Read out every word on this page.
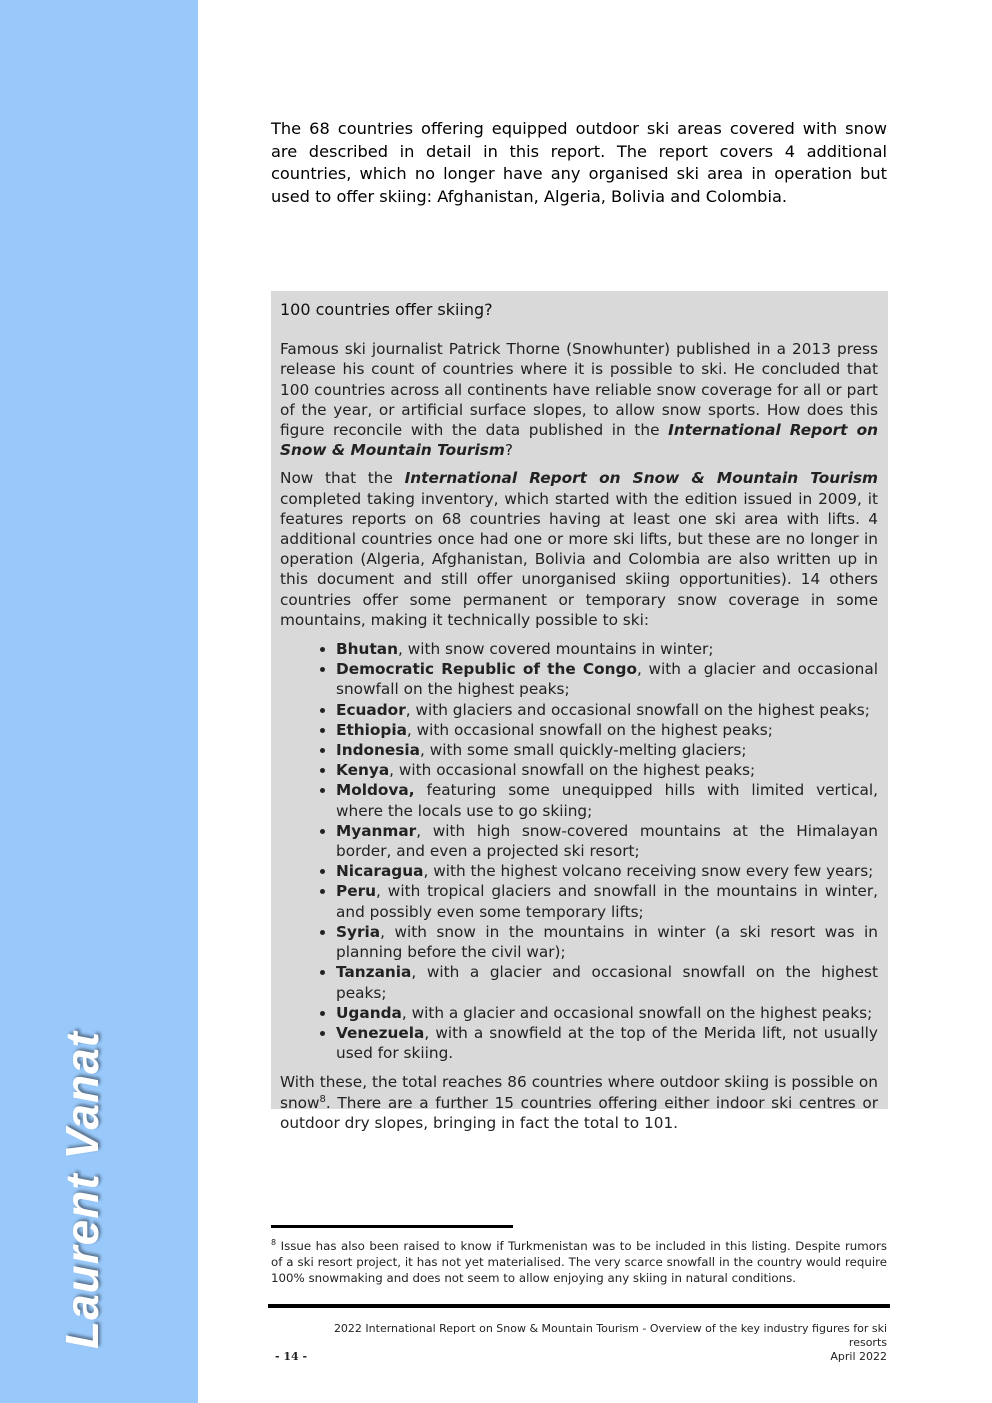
Laurent Vanat
The 68 countries offering equipped outdoor ski areas covered with snow are described in detail in this report. The report covers 4 additional countries, which no longer have any organised ski area in operation but used to offer skiing: Afghanistan, Algeria, Bolivia and Colombia.
100 countries offer skiing?

Famous ski journalist Patrick Thorne (Snowhunter) published in a 2013 press release his count of countries where it is possible to ski. He concluded that 100 countries across all continents have reliable snow coverage for all or part of the year, or artificial surface slopes, to allow snow sports. How does this figure reconcile with the data published in the International Report on Snow & Mountain Tourism?

Now that the International Report on Snow & Mountain Tourism completed taking inventory, which started with the edition issued in 2009, it features reports on 68 countries having at least one ski area with lifts. 4 additional countries once had one or more ski lifts, but these are no longer in operation (Algeria, Afghanistan, Bolivia and Colombia are also written up in this document and still offer unorganised skiing opportunities). 14 others countries offer some permanent or temporary snow coverage in some mountains, making it technically possible to ski:

• Bhutan, with snow covered mountains in winter;
• Democratic Republic of the Congo, with a glacier and occasional snowfall on the highest peaks;
• Ecuador, with glaciers and occasional snowfall on the highest peaks;
• Ethiopia, with occasional snowfall on the highest peaks;
• Indonesia, with some small quickly-melting glaciers;
• Kenya, with occasional snowfall on the highest peaks;
• Moldova, featuring some unequipped hills with limited vertical, where the locals use to go skiing;
• Myanmar, with high snow-covered mountains at the Himalayan border, and even a projected ski resort;
• Nicaragua, with the highest volcano receiving snow every few years;
• Peru, with tropical glaciers and snowfall in the mountains in winter, and possibly even some temporary lifts;
• Syria, with snow in the mountains in winter (a ski resort was in planning before the civil war);
• Tanzania, with a glacier and occasional snowfall on the highest peaks;
• Uganda, with a glacier and occasional snowfall on the highest peaks;
• Venezuela, with a snowfield at the top of the Merida lift, not usually used for skiing.

With these, the total reaches 86 countries where outdoor skiing is possible on snow$^8$. There are a further 15 countries offering either indoor ski centres or outdoor dry slopes, bringing in fact the total to 101.

$^8$ Issue has also been raised to know if Turkmenistan was to be included in this listing. Despite rumors of a ski resort project, it has not yet materialised. The very scarce snowfall in the country would require 100% snowmaking and does not seem to allow enjoying any skiing in natural conditions.
2022 International Report on Snow & Mountain Tourism - Overview of the key industry figures for ski resorts
April 2022
- 14 -
